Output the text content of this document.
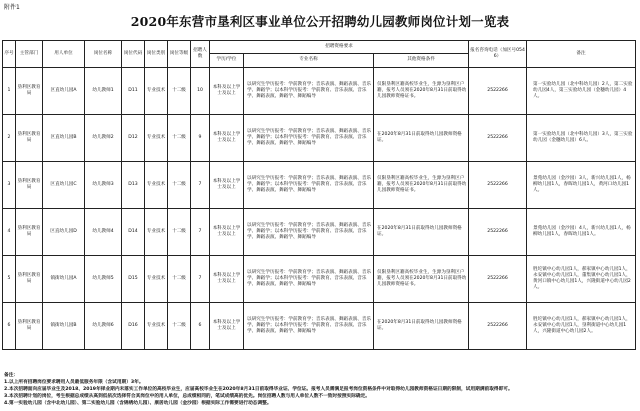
附件1
2020年东营市垦利区事业单位公开招聘幼儿园教师岗位计划一览表
序号	主管部门	用人单位	岗位名称	岗位代码	岗位类别	岗位等级	招聘人数	招聘资格要求			报名咨询电话（加区号0546）	备注
								学历/学位	专业名称	其他资格条件		
1	垦利区教育局	区直幼儿园A	幼儿教师1	D11	专业技术	十二级	10	本科及以上学士及以上	以研究生学历报考：学前教育学；音乐表演、舞蹈表演、音乐学、舞蹈学；以本科学历报考：学前教育、音乐表演、音乐学、舞蹈表演、舞蹈学、舞蹈编导	仅限垦利区籍高校毕业生，生源为垦利区户籍，报考人员须在2020年8月31日前取得幼儿园教师资格证书。	2522266	第一实验幼儿园（北中科幼儿园）2人，第二实验幼儿园4人，第三实验幼儿园（金穗幼儿园）4人。
2	垦利区教育局	区直幼儿园B	幼儿教师2	D12	专业技术	十二级	9	本科及以上学士及以上	以研究生学历报考：学前教育学；音乐表演、舞蹈表演、音乐学、舞蹈学；以本科学历报考：学前教育、音乐表演、音乐学、舞蹈表演、舞蹈学、舞蹈编导	在2020年8月31日前取得幼儿园教师资格证。	2522266	第一实验幼儿园（北中科幼儿园）3人，第三实验幼儿园（金穗幼儿园）6人。
3	垦利区教育局	区直幼儿园C	幼儿教师3	D13	专业技术	十二级	7	本科及以上学士及以上	以研究生学历报考：学前教育学；音乐表演、舞蹈表演、音乐学、舞蹈学；以本科学历报考：学前教育、音乐表演、音乐学、舞蹈表演、舞蹈学、舞蹈编导	仅限垦利区籍高校毕业生，生源为垦利区户籍，报考人员须在2020年8月31日前取得幼儿园教师资格证书。	2522266	景苑幼儿园（金沙园）3人，新兴幼儿园1人，杨柳幼儿园1人，春晖幼儿园1人，黄河口幼儿园1人。
4	垦利区教育局	区直幼儿园D	幼儿教师4	D14	专业技术	十二级	7	本科及以上学士及以上	以研究生学历报考：学前教育学；音乐表演、舞蹈表演、音乐学、舞蹈学；以本科学历报考：学前教育、音乐表演、音乐学、舞蹈表演、舞蹈学、舞蹈编导	在2020年8月31日前取得幼儿园教师资格证。	2522266	景苑幼儿园（金沙园）4人，新兴幼儿园1人，杨柳幼儿园1人，春晖幼儿园1人。
5	垦利区教育局	镇街幼儿园A	幼儿教师5	D15	专业技术	十二级	7	本科及以上学士及以上	以研究生学历报考：学前教育学；音乐表演、舞蹈表演、音乐学、舞蹈学；以本科学历报考：学前教育、音乐表演、音乐学、舞蹈表演、舞蹈学、舞蹈编导	仅限垦利区籍高校毕业生，生源为垦利区户籍，报考人员须在2020年8月31日前取得幼儿园教师资格证书。	2522266	胜坨镇中心幼儿园1人，郝家镇中心幼儿园1人，永安镇中心幼儿园1人，董集镇中心幼儿园1人，黄河口镇中心幼儿园1人，兴隆街道中心幼儿园2人。
6	垦利区教育局	镇街幼儿园B	幼儿教师6	D16	专业技术	十二级	6	本科及以上学士及以上	以研究生学历报考：学前教育学；音乐表演、舞蹈表演、音乐学、舞蹈学；以本科学历报考：学前教育、音乐表演、音乐学、舞蹈表演、舞蹈学、舞蹈编导	在2020年8月31日前取得幼儿园教师资格证。	2522266	胜坨镇中心幼儿园1人，郝家镇中心幼儿园1人，永安镇中心幼儿园1人，垦利街道中心幼儿园1人，兴隆街道中心幼儿园2人。
备注：
1.以上所有招聘岗位要求聘用人员最低服务年限（含试用期）3年。
2.本次招聘面向应届毕业生及2018、2019年择业期内未落实工作单位的高校毕业生，应届高校毕业生在2020年8月31日前取得毕业证、学位证。报考人员需满足报考岗位资格条件中对取得幼儿园教师资格证日期的限制，试用期满前取得即可。
3.本次招聘计划的岗位，考生根据总成绩从高到低依次选择符合其岗位中的用人单位，总成绩相同的，笔试成绩高的优先。岗位招聘人数与用人单位人数不一致时按照实际确定。
4.第一实验幼儿园（含中北幼儿园）、第二实验幼儿园（含锦绣幼儿园）、康居幼儿园（金沙园）根据实际工作需要进行动态调整。
